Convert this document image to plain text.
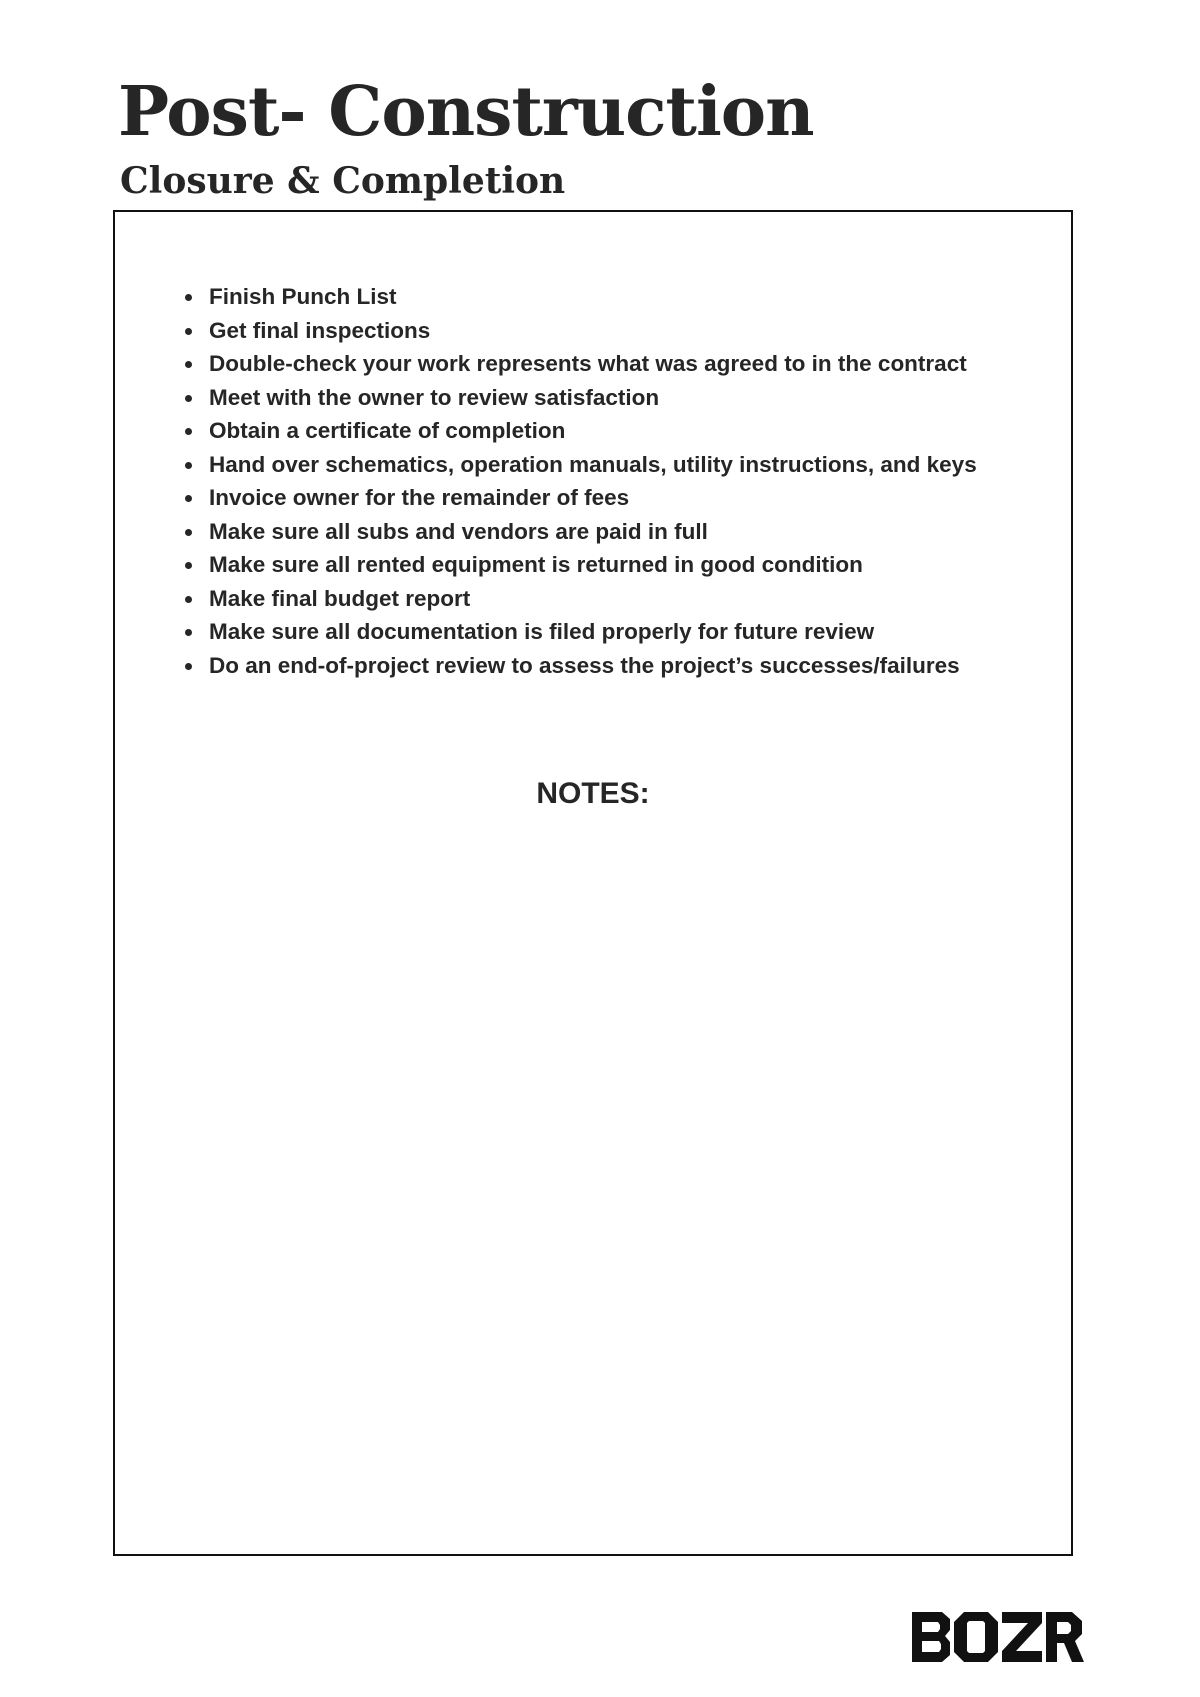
Post- Construction
Closure & Completion
Finish Punch List
Get final inspections
Double-check your work represents what was agreed to in the contract
Meet with the owner to review satisfaction
Obtain a certificate of completion
Hand over schematics, operation manuals, utility instructions, and keys
Invoice owner for the remainder of fees
Make sure all subs and vendors are paid in full
Make sure all rented equipment is returned in good condition
Make final budget report
Make sure all documentation is filed properly for future review
Do an end-of-project review to assess the project’s successes/failures
NOTES:
